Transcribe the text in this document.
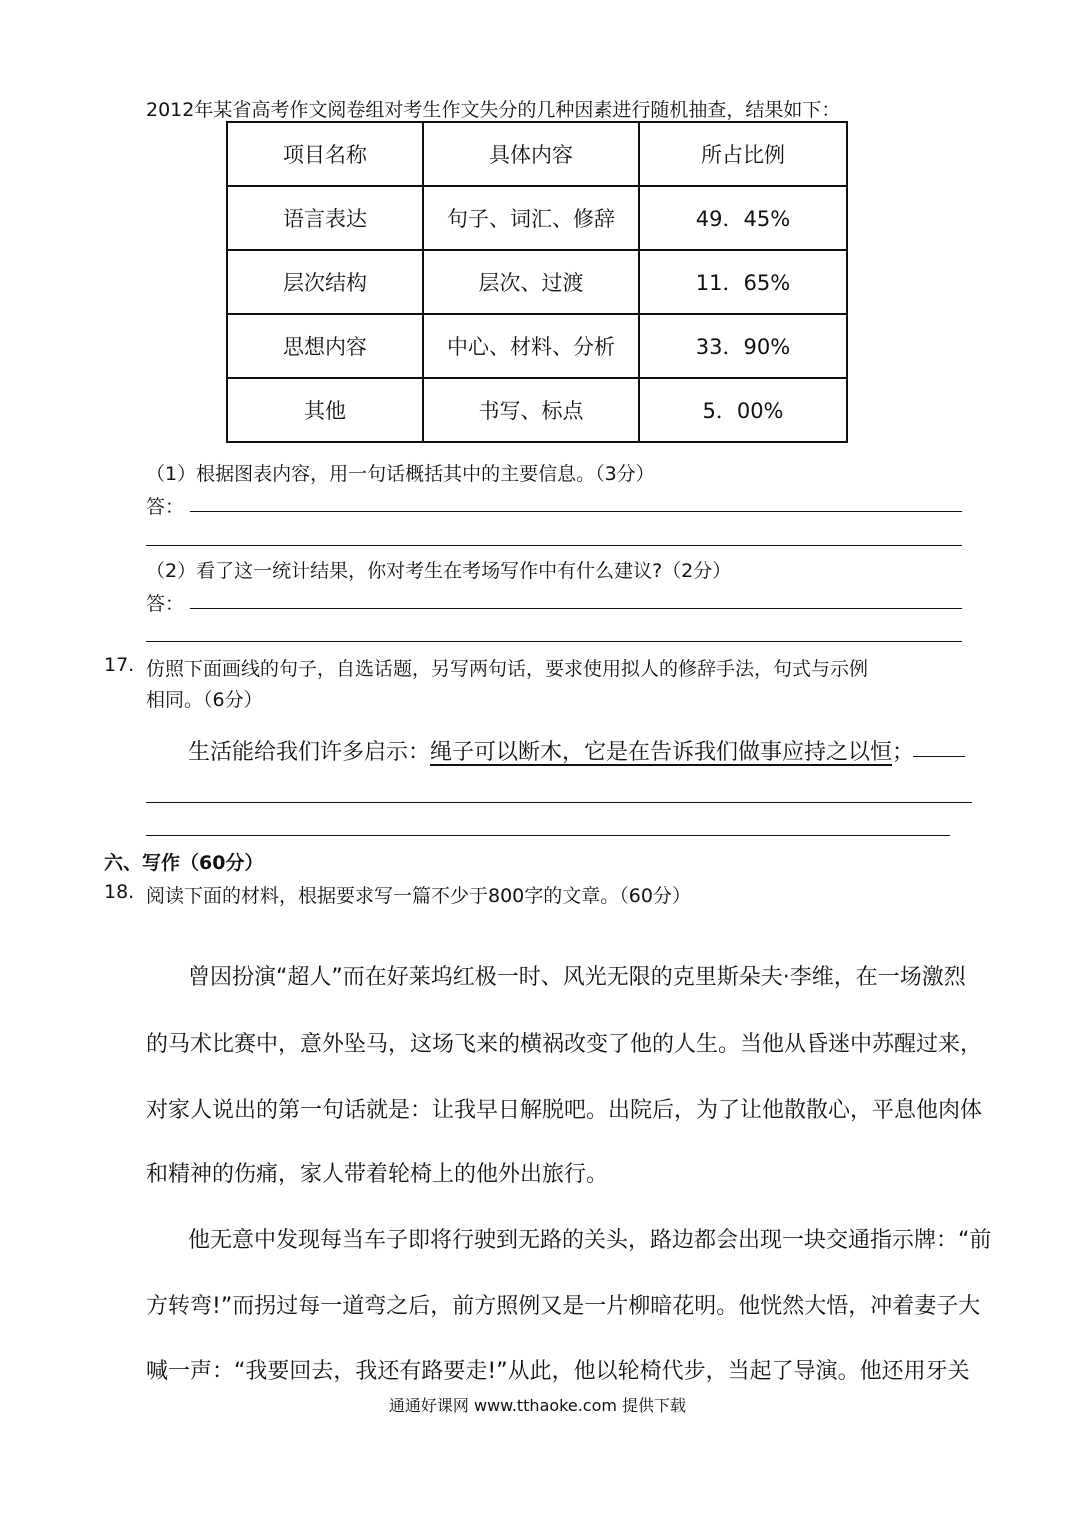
2012年某省高考作文阅卷组对考生作文失分的几种因素进行随机抽查，结果如下：
项目名称	具体内容	所占比例
语言表达	句子、词汇、修辞	49．45%
层次结构	层次、过渡	11．65%
思想内容	中心、材料、分析	33．90%
其他	书写、标点	5．00%
（1）根据图表内容，用一句话概括其中的主要信息。（3分）
答：
（2）看了这一统计结果，你对考生在考场写作中有什么建议?（2分）
答：
17. 仿照下面画线的句子，自选话题，另写两句话，要求使用拟人的修辞手法，句式与示例
相同。（6分）
生活能给我们许多启示：绳子可以断木，它是在告诉我们做事应持之以恒；
六、写作（60分）
18. 阅读下面的材料，根据要求写一篇不少于800字的文章。（60分）
曾因扮演“超人”而在好莱坞红极一时、风光无限的克里斯朵夫·李维，在一场激烈
的马术比赛中，意外坠马，这场飞来的横祸改变了他的人生。当他从昏迷中苏醒过来，
对家人说出的第一句话就是：让我早日解脱吧。出院后，为了让他散散心，平息他肉体
和精神的伤痛，家人带着轮椅上的他外出旅行。
他无意中发现每当车子即将行驶到无路的关头，路边都会出现一块交通指示牌：“前
方转弯!”而拐过每一道弯之后，前方照例又是一片柳暗花明。他恍然大悟，冲着妻子大
喊一声：“我要回去，我还有路要走!”从此，他以轮椅代步，当起了导演。他还用牙关
通通好课网 www.tthaoke.com 提供下载
